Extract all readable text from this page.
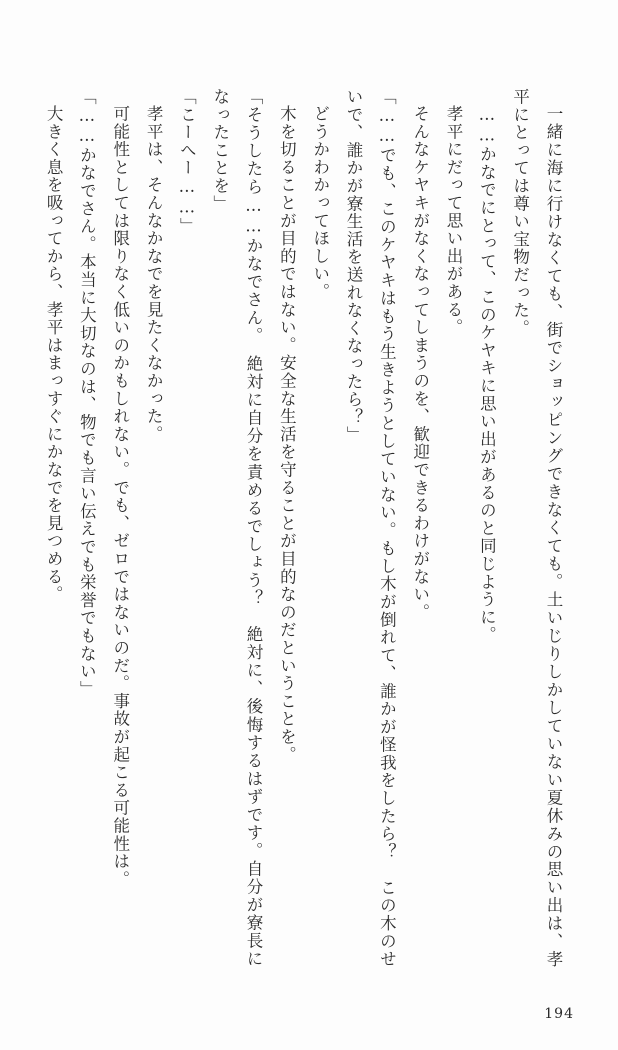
一緒に海に行けなくても、街でショッピングできなくても。土いじりしかしていない夏休みの思い出は、孝平にとっては尊い宝物だった。

……かなでにとって、このケヤキに思い出があるのと同じように。

孝平にだって思い出がある。

そんなケヤキがなくなってしまうのを、歓迎できるわけがない。

「……でも、このケヤキはもう生きようとしていない。もし木が倒れて、誰かが怪我をしたら？　この木のせいで、誰かが寮生活を送れなくなったら？」

どうかわかってほしい。

木を切ることが目的ではない。安全な生活を守ることが目的なのだということを。

「そうしたら……かなでさん。　絶対に自分を責めるでしょう？　絶対に、後悔するはずです。自分が寮長になったことを」

「こーへー……」

孝平は、そんなかなでを見たくなかった。

可能性としては限りなく低いのかもしれない。でも、ゼロではないのだ。事故が起こる可能性は。

「……かなでさん。本当に大切なのは、物でも言い伝えでも栄誉でもない」

大きく息を吸ってから、孝平はまっすぐにかなでを見つめる。

194
